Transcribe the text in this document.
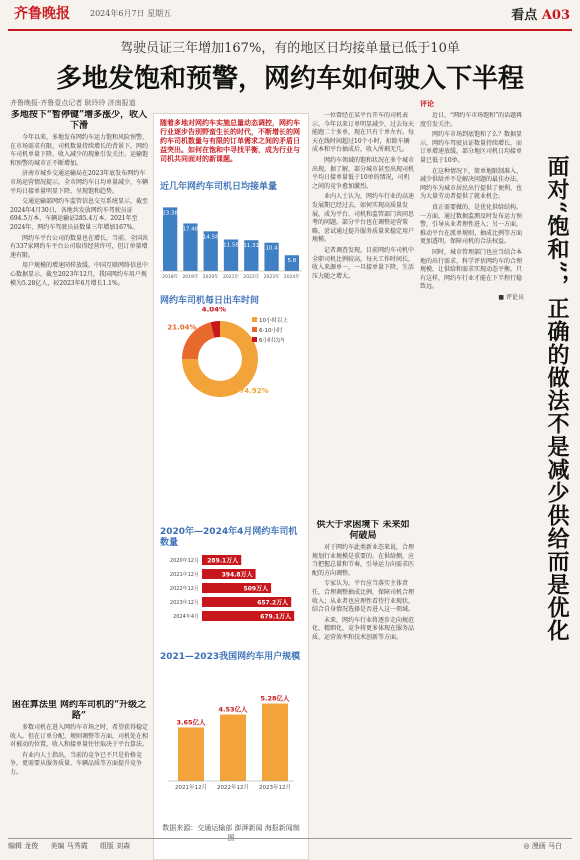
齐鲁晚报	2024年6月7日 星期五	看点 A03
驾驶员证三年增加167%，有的地区日均接单量已低于10单
多地发饱和预警，网约车如何驶入下半程
齐鲁晚报·齐鲁壹点记者 耿玲玲 济南报道

多地按下“暂停键”增多涨少，收入下滑

今年以来，多地发布网约车运力饱和风险预警，在市场需求有限、司机数量持续增长的背景下，网约车司机单量下降、收入减少的现象引发关注。运输饱和预警的城市正不断增加。

济南市城乡交通运输局在2023年底发布网约车市场运营情况提示，全市网约车日均单量减少，车辆平均日接单量明显下降，呈现饱和趋势。

交通运输部网约车监管信息交互系统显示，截至2024年4月30日，各地共发放网约车驾驶员证694.5万本、车辆运输证285.4万本。2021年至2024年，网约车驾驶员证数量三年增加167%。

网约车平台公司的数量也在增长。当前，全国共有337家网约车平台公司取得经营许可，但订单量增速有限。

用户规模的增速同样放缓。中国互联网络信息中心数据显示，截至2023年12月，我国网约车用户规模为5.28亿人，较2023年6月增长1.1%。

困在算法里 网约车司机的“升级之路”

多数司机在进入网约车市场之时，希望获得稳定收入。但在订单分配、规则调整等方面，司机处在相对被动的位置，收入和接单量往往取决于平台算法。

有业内人士指出，当前的竞争已不只是价格竞争，更需要从服务质量、车辆品质等方面提升竞争力。

随着多地对网约车实施总量动态调控，网约车行业逐步告别野蛮生长的时代，不断增长的网约车司机数量与有限的订单需求之间的矛盾日益突出。如何在饱和中寻找平衡，成为行业与司机共同面对的新课题。
近几年网约车司机日均接单量
23.38
2018年
17.48
2019年
14.58
2020年
11.58
2021年
11.31
2022年
10.4
2023年
5.8
2024年
网约车司机每日出车时间
74.92%
21.04%
4.04%
10小时以上
6-10小时
6小时以内
2020年—2024年4月网约车司机数量
2020年12月 289.1万人
2021年12月	394.8万人
2022年12月	509万人
2023年12月	657.2万人
2024年4月	679.1万人
2021—2023我国网约车用户规模
3.65亿人
2021年12月
4.53亿人
2022年12月
5.28亿人
2023年12月
数据来源：交通运输部 澎湃新闻 海报新闻制图

一位曾经在某平台开车的司机表示，今年以来订单明显减少，过去每天能跑二十多单，现在只有十单左右。每天在线时间超过10个小时，扣除车辆成本和平台抽成后，收入所剩无几。

网约车领域的饱和状况在多个城市出现。据了解，部分城市甚至出现司机平均日接单量低于10单的情况，司机之间的竞争愈加激烈。

业内人士认为，网约车行业的高速发展期已经过去，如何实现高质量发展，成为平台、司机和监管部门共同思考的问题。部分平台也在调整运营策略，尝试通过提升服务质量来稳定用户规模。

记者调查发现，目前网约车司机中全职司机比例较高，每天工作时间长，收入来源单一，一旦接单量下降，生活压力随之增大。

供大于求困境下 未来如何破局

对于网约车此类新业态来说，合理规划行业规模是重要的。在供给侧，应当把握总量和节奏，引导运力向需求匹配的方向调整。

专家认为，平台应当落实主体责任，合理调整抽成比例，保障司机合理收入；从业者也应理性看待行业现状，结合自身情况选择是否进入这一领域。

未来，网约车行业将逐步走向规范化、精细化，竞争将更多体现在服务品质、运营效率和技术创新等方面。

评论

近日，“网约车市场饱和”的话题再度引发关注。

网约车市场到底饱和了么？数据显示，网约车驾驶员证数量持续增长，而订单增速放缓，部分地区司机日均接单量已低于10单。

在这种情况下，简单地限制准入、减少供给并不是解决问题的最佳办法。网约车为城市居民出行提供了便利，也为大量劳动者提供了就业机会。

真正需要做的，是优化供给结构。一方面，通过数据监测及时发布运力预警，引导从业者理性进入；另一方面，推动平台在派单规则、抽成比例等方面更加透明，保障司机的合法权益。

同时，城市管理部门也应当结合本地的出行需求，科学评估网约车的合理规模，让供给和需求实现动态平衡。只有这样，网约车行业才能在下半程行稳致远。

■ 评论员 面对“饱和”，正确的做法不是减少供给而是优化
编辑 龙俊 美编 马秀霞 组版 刘森	◎ 漫画 马白
